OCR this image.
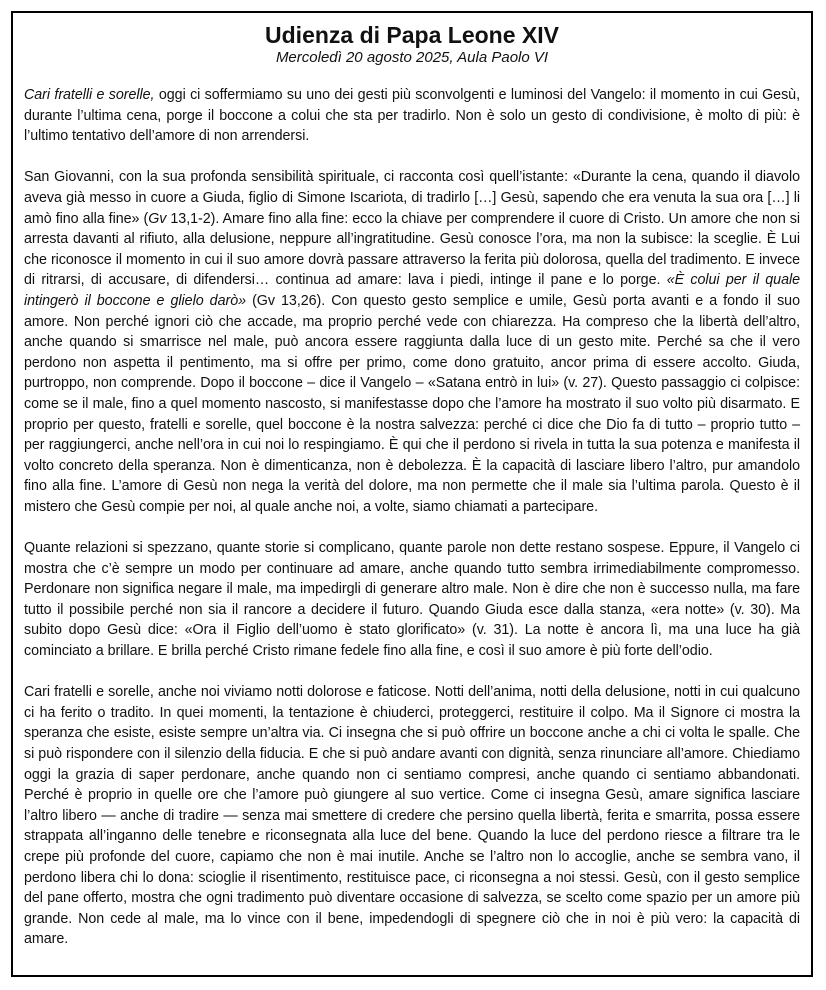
Udienza di Papa Leone XIV
Mercoledì 20 agosto 2025, Aula Paolo VI

Cari fratelli e sorelle, oggi ci soffermiamo su uno dei gesti più sconvolgenti e luminosi del Vangelo: il momento in cui Gesù, durante l’ultima cena, porge il boccone a colui che sta per tradirlo. Non è solo un gesto di condivisione, è molto di più: è l’ultimo tentativo dell’amore di non arrendersi.

San Giovanni, con la sua profonda sensibilità spirituale, ci racconta così quell’istante: «Durante la cena, quando il diavolo aveva già messo in cuore a Giuda, figlio di Simone Iscariota, di tradirlo […] Gesù, sapendo che era venuta la sua ora […] li amò fino alla fine» (Gv 13,1-2). Amare fino alla fine: ecco la chiave per comprendere il cuore di Cristo. Un amore che non si arresta davanti al rifiuto, alla delusione, neppure all’ingratitudine. Gesù conosce l’ora, ma non la subisce: la sceglie. È Lui che riconosce il momento in cui il suo amore dovrà passare attraverso la ferita più dolorosa, quella del tradimento. E invece di ritrarsi, di accusare, di difendersi… continua ad amare: lava i piedi, intinge il pane e lo porge. «È colui per il quale intingerò il boccone e glielo darò» (Gv 13,26). Con questo gesto semplice e umile, Gesù porta avanti e a fondo il suo amore. Non perché ignori ciò che accade, ma proprio perché vede con chiarezza. Ha compreso che la libertà dell’altro, anche quando si smarrisce nel male, può ancora essere raggiunta dalla luce di un gesto mite. Perché sa che il vero perdono non aspetta il pentimento, ma si offre per primo, come dono gratuito, ancor prima di essere accolto. Giuda, purtroppo, non comprende. Dopo il boccone – dice il Vangelo – «Satana entrò in lui» (v. 27). Questo passaggio ci colpisce: come se il male, fino a quel momento nascosto, si manifestasse dopo che l’amore ha mostrato il suo volto più disarmato. E proprio per questo, fratelli e sorelle, quel boccone è la nostra salvezza: perché ci dice che Dio fa di tutto – proprio tutto – per raggiungerci, anche nell’ora in cui noi lo respingiamo. È qui che il perdono si rivela in tutta la sua potenza e manifesta il volto concreto della speranza. Non è dimenticanza, non è debolezza. È la capacità di lasciare libero l’altro, pur amandolo fino alla fine. L’amore di Gesù non nega la verità del dolore, ma non permette che il male sia l’ultima parola. Questo è il mistero che Gesù compie per noi, al quale anche noi, a volte, siamo chiamati a partecipare.

Quante relazioni si spezzano, quante storie si complicano, quante parole non dette restano sospese. Eppure, il Vangelo ci mostra che c’è sempre un modo per continuare ad amare, anche quando tutto sembra irrimediabilmente compromesso. Perdonare non significa negare il male, ma impedirgli di generare altro male. Non è dire che non è successo nulla, ma fare tutto il possibile perché non sia il rancore a decidere il futuro. Quando Giuda esce dalla stanza, «era notte» (v. 30). Ma subito dopo Gesù dice: «Ora il Figlio dell’uomo è stato glorificato» (v. 31). La notte è ancora lì, ma una luce ha già cominciato a brillare. E brilla perché Cristo rimane fedele fino alla fine, e così il suo amore è più forte dell’odio.

Cari fratelli e sorelle, anche noi viviamo notti dolorose e faticose. Notti dell’anima, notti della delusione, notti in cui qualcuno ci ha ferito o tradito. In quei momenti, la tentazione è chiuderci, proteggerci, restituire il colpo. Ma il Signore ci mostra la speranza che esiste, esiste sempre un’altra via. Ci insegna che si può offrire un boccone anche a chi ci volta le spalle. Che si può rispondere con il silenzio della fiducia. E che si può andare avanti con dignità, senza rinunciare all’amore. Chiediamo oggi la grazia di saper perdonare, anche quando non ci sentiamo compresi, anche quando ci sentiamo abbandonati. Perché è proprio in quelle ore che l’amore può giungere al suo vertice. Come ci insegna Gesù, amare significa lasciare l’altro libero — anche di tradire — senza mai smettere di credere che persino quella libertà, ferita e smarrita, possa essere strappata all’inganno delle tenebre e riconsegnata alla luce del bene. Quando la luce del perdono riesce a filtrare tra le crepe più profonde del cuore, capiamo che non è mai inutile. Anche se l’altro non lo accoglie, anche se sembra vano, il perdono libera chi lo dona: scioglie il risentimento, restituisce pace, ci riconsegna a noi stessi. Gesù, con il gesto semplice del pane offerto, mostra che ogni tradimento può diventare occasione di salvezza, se scelto come spazio per un amore più grande. Non cede al male, ma lo vince con il bene, impedendogli di spegnere ciò che in noi è più vero: la capacità di amare.
